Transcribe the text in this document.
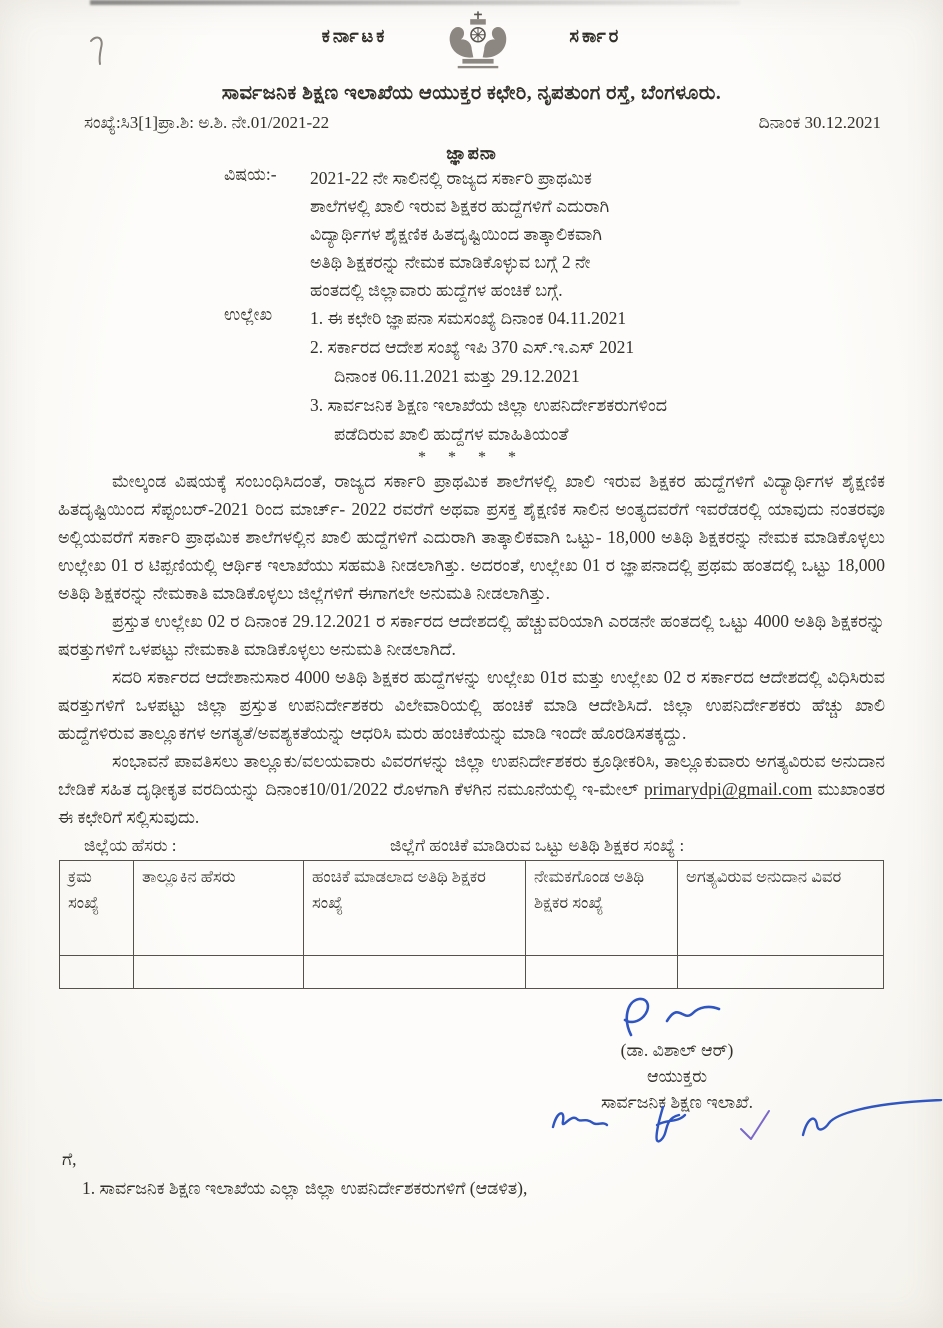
ಕರ್ನಾಟಕ	ಸರ್ಕಾರ
ಸಾರ್ವಜನಿಕ ಶಿಕ್ಷಣ ಇಲಾಖೆಯ ಆಯುಕ್ತರ ಕಛೇರಿ, ನೃಪತುಂಗ ರಸ್ತೆ, ಬೆಂಗಳೂರು.
ಸಂಖ್ಯೆ:ಸಿ3[1]ಪ್ರಾ.ಶಿ: ಅ.ಶಿ. ನೇ.01/2021-22	ದಿನಾಂಕ 30.12.2021
ಜ್ಞಾಪನಾ
ವಿಷಯ:-	2021-22 ನೇ ಸಾಲಿನಲ್ಲಿ ರಾಜ್ಯದ ಸರ್ಕಾರಿ ಪ್ರಾಥಮಿಕ
ಶಾಲೆಗಳಲ್ಲಿ ಖಾಲಿ ಇರುವ ಶಿಕ್ಷಕರ ಹುದ್ದೆಗಳಿಗೆ ಎದುರಾಗಿ
ವಿದ್ಯಾರ್ಥಿಗಳ ಶೈಕ್ಷಣಿಕ ಹಿತದೃಷ್ಟಿಯಿಂದ ತಾತ್ಕಾಲಿಕವಾಗಿ
ಅತಿಥಿ ಶಿಕ್ಷಕರನ್ನು ನೇಮಕ ಮಾಡಿಕೊಳ್ಳುವ ಬಗ್ಗೆ 2 ನೇ
ಹಂತದಲ್ಲಿ ಜಿಲ್ಲಾವಾರು ಹುದ್ದೆಗಳ ಹಂಚಿಕೆ ಬಗ್ಗೆ.
ಉಲ್ಲೇಖ	1. ಈ ಕಛೇರಿ ಜ್ಞಾಪನಾ ಸಮಸಂಖ್ಯೆ ದಿನಾಂಕ 04.11.2021
2. ಸರ್ಕಾರದ ಆದೇಶ ಸಂಖ್ಯೆ ಇಪಿ 370 ಎಸ್.ಇ.ಎಸ್ 2021
ದಿನಾಂಕ 06.11.2021 ಮತ್ತು 29.12.2021
3. ಸಾರ್ವಜನಿಕ ಶಿಕ್ಷಣ ಇಲಾಖೆಯ ಜಿಲ್ಲಾ ಉಪನಿರ್ದೇಶಕರುಗಳಿಂದ
ಪಡೆದಿರುವ ಖಾಲಿ ಹುದ್ದೆಗಳ ಮಾಹಿತಿಯಂತೆ
* * * *

ಮೇಲ್ಕಂಡ ವಿಷಯಕ್ಕೆ ಸಂಬಂಧಿಸಿದಂತೆ, ರಾಜ್ಯದ ಸರ್ಕಾರಿ ಪ್ರಾಥಮಿಕ ಶಾಲೆಗಳಲ್ಲಿ ಖಾಲಿ ಇರುವ ಶಿಕ್ಷಕರ ಹುದ್ದೆಗಳಿಗೆ ವಿದ್ಯಾರ್ಥಿಗಳ ಶೈಕ್ಷಣಿಕ ಹಿತದೃಷ್ಟಿಯಿಂದ ಸೆಪ್ಟಂಬರ್-2021 ರಿಂದ ಮಾರ್ಚ್- 2022 ರವರೆಗೆ ಅಥವಾ ಪ್ರಸಕ್ತ ಶೈಕ್ಷಣಿಕ ಸಾಲಿನ ಅಂತ್ಯದವರೆಗೆ ಇವರೆಡರಲ್ಲಿ ಯಾವುದು ನಂತರವೂ ಅಲ್ಲಿಯವರೆಗೆ ಸರ್ಕಾರಿ ಪ್ರಾಥಮಿಕ ಶಾಲೆಗಳಲ್ಲಿನ ಖಾಲಿ ಹುದ್ದೆಗಳಿಗೆ ಎದುರಾಗಿ ತಾತ್ಕಾಲಿಕವಾಗಿ ಒಟ್ಟು- 18,000 ಅತಿಥಿ ಶಿಕ್ಷಕರನ್ನು ನೇಮಕ ಮಾಡಿಕೊಳ್ಳಲು ಉಲ್ಲೇಖ 01 ರ ಟಿಪ್ಪಣಿಯಲ್ಲಿ ಆರ್ಥಿಕ ಇಲಾಖೆಯು ಸಹಮತಿ ನೀಡಲಾಗಿತ್ತು. ಅದರಂತೆ, ಉಲ್ಲೇಖ 01 ರ ಜ್ಞಾಪನಾದಲ್ಲಿ ಪ್ರಥಮ ಹಂತದಲ್ಲಿ ಒಟ್ಟು 18,000 ಅತಿಥಿ ಶಿಕ್ಷಕರನ್ನು ನೇಮಕಾತಿ ಮಾಡಿಕೊಳ್ಳಲು ಜಿಲ್ಲೆಗಳಿಗೆ ಈಗಾಗಲೇ ಅನುಮತಿ ನೀಡಲಾಗಿತ್ತು.

ಪ್ರಸ್ತುತ ಉಲ್ಲೇಖ 02 ರ ದಿನಾಂಕ 29.12.2021 ರ ಸರ್ಕಾರದ ಆದೇಶದಲ್ಲಿ ಹೆಚ್ಚುವರಿಯಾಗಿ ಎರಡನೇ ಹಂತದಲ್ಲಿ ಒಟ್ಟು 4000 ಅತಿಥಿ ಶಿಕ್ಷಕರನ್ನು ಷರತ್ತುಗಳಿಗೆ ಒಳಪಟ್ಟು ನೇಮಕಾತಿ ಮಾಡಿಕೊಳ್ಳಲು ಅನುಮತಿ ನೀಡಲಾಗಿದೆ.

ಸದರಿ ಸರ್ಕಾರದ ಆದೇಶಾನುಸಾರ 4000 ಅತಿಥಿ ಶಿಕ್ಷಕರ ಹುದ್ದೆಗಳನ್ನು ಉಲ್ಲೇಖ 01ರ ಮತ್ತು ಉಲ್ಲೇಖ 02 ರ ಸರ್ಕಾರದ ಆದೇಶದಲ್ಲಿ ವಿಧಿಸಿರುವ ಷರತ್ತುಗಳಿಗೆ ಒಳಪಟ್ಟು ಜಿಲ್ಲಾ ಪ್ರಸ್ತುತ ಉಪನಿರ್ದೇಶಕರು ವಿಲೇವಾರಿಯಲ್ಲಿ ಹಂಚಿಕೆ ಮಾಡಿ ಆದೇಶಿಸಿದೆ. ಜಿಲ್ಲಾ ಉಪನಿರ್ದೇಶಕರು ಹೆಚ್ಚು ಖಾಲಿ ಹುದ್ದೆಗಳಿರುವ ತಾಲ್ಲೂಕಗಳ ಅಗತ್ಯತೆ/ಅವಶ್ಯಕತೆಯನ್ನು ಆಧರಿಸಿ ಮರು ಹಂಚಿಕೆಯನ್ನು ಮಾಡಿ ಇಂದೇ ಹೊರಡಿಸತಕ್ಕದ್ದು.

ಸಂಭಾವನೆ ಪಾವತಿಸಲು ತಾಲ್ಲೂಕು/ವಲಯವಾರು ವಿವರಗಳನ್ನು ಜಿಲ್ಲಾ ಉಪನಿರ್ದೇಶಕರು ಕ್ರೂಢೀಕರಿಸಿ, ತಾಲ್ಲೂಕುವಾರು ಅಗತ್ಯವಿರುವ ಅನುದಾನ ಬೇಡಿಕೆ ಸಹಿತ ದೃಢೀಕೃತ ವರದಿಯನ್ನು ದಿನಾಂಕ10/01/2022 ರೊಳಗಾಗಿ ಕೆಳಗಿನ ನಮೂನೆಯಲ್ಲಿ ಇ-ಮೇಲ್ primarydpi@gmail.com ಮುಖಾಂತರ ಈ ಕಛೇರಿಗೆ ಸಲ್ಲಿಸುವುದು.

ಜಿಲ್ಲೆಯ ಹೆಸರು :	ಜಿಲ್ಲೆಗೆ ಹಂಚಿಕೆ ಮಾಡಿರುವ ಒಟ್ಟು ಅತಿಥಿ ಶಿಕ್ಷಕರ ಸಂಖ್ಯೆ :
ಕ್ರಮ ಸಂಖ್ಯೆ	ತಾಲ್ಲೂಕಿನ ಹೆಸರು	ಹಂಚಿಕೆ ಮಾಡಲಾದ ಅತಿಥಿ ಶಿಕ್ಷಕರ ಸಂಖ್ಯೆ	ನೇಮಕಗೊಂಡ ಅತಿಥಿ ಶಿಕ್ಷಕರ ಸಂಖ್ಯೆ	ಅಗತ್ಯವಿರುವ ಅನುದಾನ ವಿವರ

(ಡಾ. ವಿಶಾಲ್ ಆರ್)
ಆಯುಕ್ತರು
ಸಾರ್ವಜನಿಕ ಶಿಕ್ಷಣ ಇಲಾಖೆ.
ಗೆ,
1. ಸಾರ್ವಜನಿಕ ಶಿಕ್ಷಣ ಇಲಾಖೆಯ ಎಲ್ಲಾ ಜಿಲ್ಲಾ ಉಪನಿರ್ದೇಶಕರುಗಳಿಗೆ (ಆಡಳಿತ),
